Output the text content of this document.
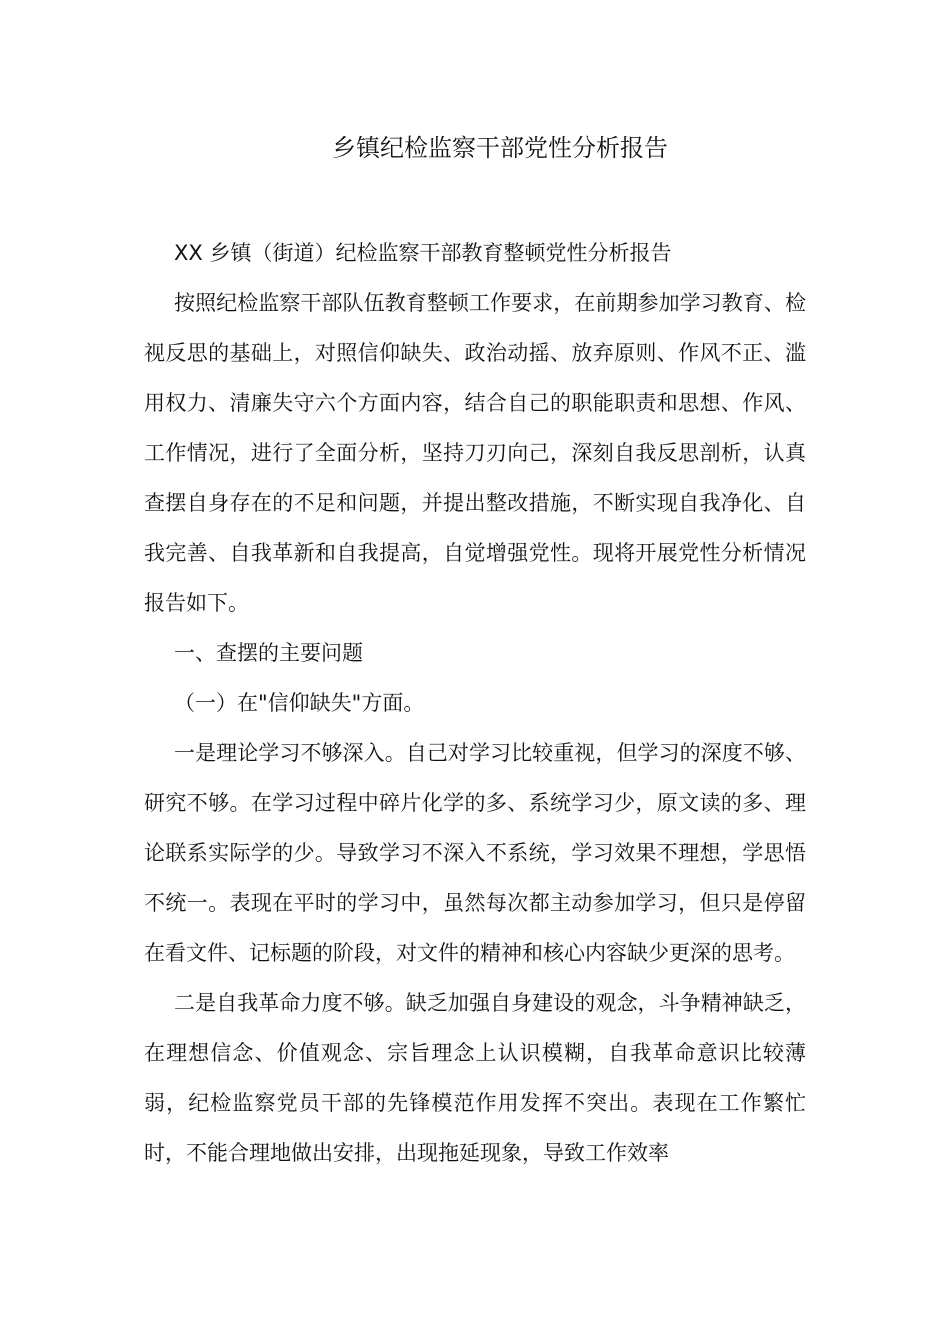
乡镇纪检监察干部党性分析报告

XX 乡镇（街道）纪检监察干部教育整顿党性分析报告

按照纪检监察干部队伍教育整顿工作要求，在前期参加学习教育、检视反思的基础上，对照信仰缺失、政治动摇、放弃原则、作风不正、滥用权力、清廉失守六个方面内容，结合自己的职能职责和思想、作风、工作情况，进行了全面分析，坚持刀刃向己，深刻自我反思剖析，认真查摆自身存在的不足和问题，并提出整改措施，不断实现自我净化、自我完善、自我革新和自我提高，自觉增强党性。现将开展党性分析情况报告如下。

一、查摆的主要问题

（一）在"信仰缺失"方面。

一是理论学习不够深入。自己对学习比较重视，但学习的深度不够、研究不够。在学习过程中碎片化学的多、系统学习少，原文读的多、理论联系实际学的少。导致学习不深入不系统，学习效果不理想，学思悟不统一。表现在平时的学习中，虽然每次都主动参加学习，但只是停留在看文件、记标题的阶段，对文件的精神和核心内容缺少更深的思考。

二是自我革命力度不够。缺乏加强自身建设的观念，斗争精神缺乏，在理想信念、价值观念、宗旨理念上认识模糊，自我革命意识比较薄弱，纪检监察党员干部的先锋模范作用发挥不突出。表现在工作繁忙时，不能合理地做出安排，出现拖延现象，导致工作效率
